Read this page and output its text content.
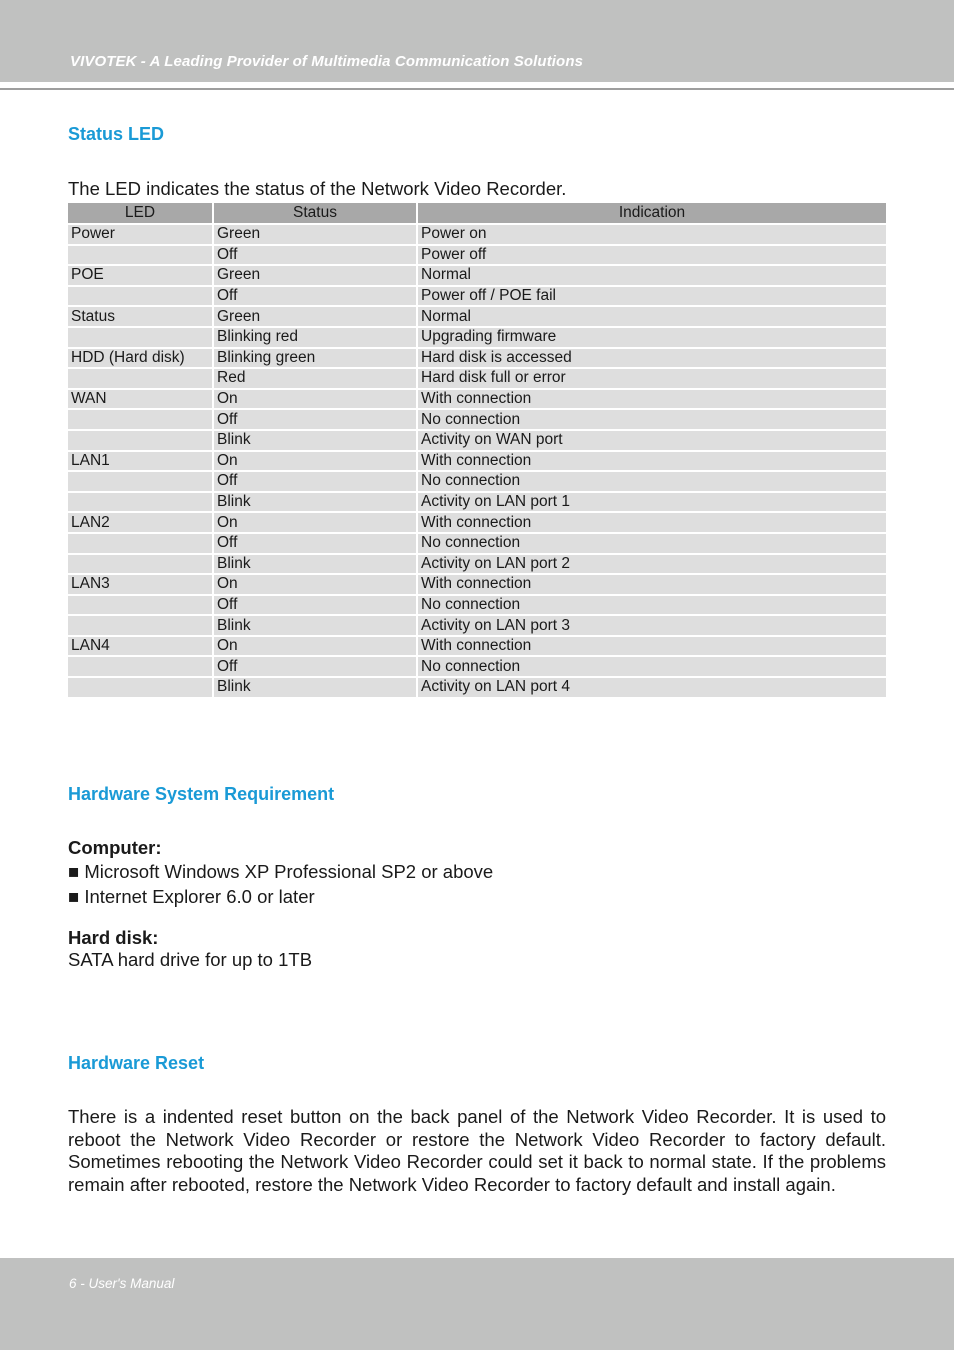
VIVOTEK - A Leading Provider of Multimedia Communication Solutions
Status LED
The LED indicates the status of the Network Video Recorder.
LED	Status	Indication
Power	Green	Power on
	Off	Power off
POE	Green	Normal
	Off	Power off / POE fail
Status	Green	Normal
	Blinking red	Upgrading firmware
HDD (Hard disk)	Blinking green	Hard disk is accessed
	Red	Hard disk full or error
WAN	On	With connection
	Off	No connection
	Blink	Activity on WAN port
LAN1	On	With connection
	Off	No connection
	Blink	Activity on LAN port 1
LAN2	On	With connection
	Off	No connection
	Blink	Activity on LAN port 2
LAN3	On	With connection
	Off	No connection
	Blink	Activity on LAN port 3
LAN4	On	With connection
	Off	No connection
	Blink	Activity on LAN port 4
Hardware System Requirement
Computer:
■ Microsoft Windows XP Professional SP2 or above
■ Internet Explorer 6.0 or later
Hard disk:
SATA hard drive for up to 1TB
Hardware Reset
There is a indented reset button on the back panel of the Network Video Recorder. It is used to reboot the Network Video Recorder or restore the Network Video Recorder to factory default. Sometimes rebooting the Network Video Recorder could set it back to normal state. If the problems remain after rebooted, restore the Network Video Recorder to factory default and install again.
6 - User's Manual
